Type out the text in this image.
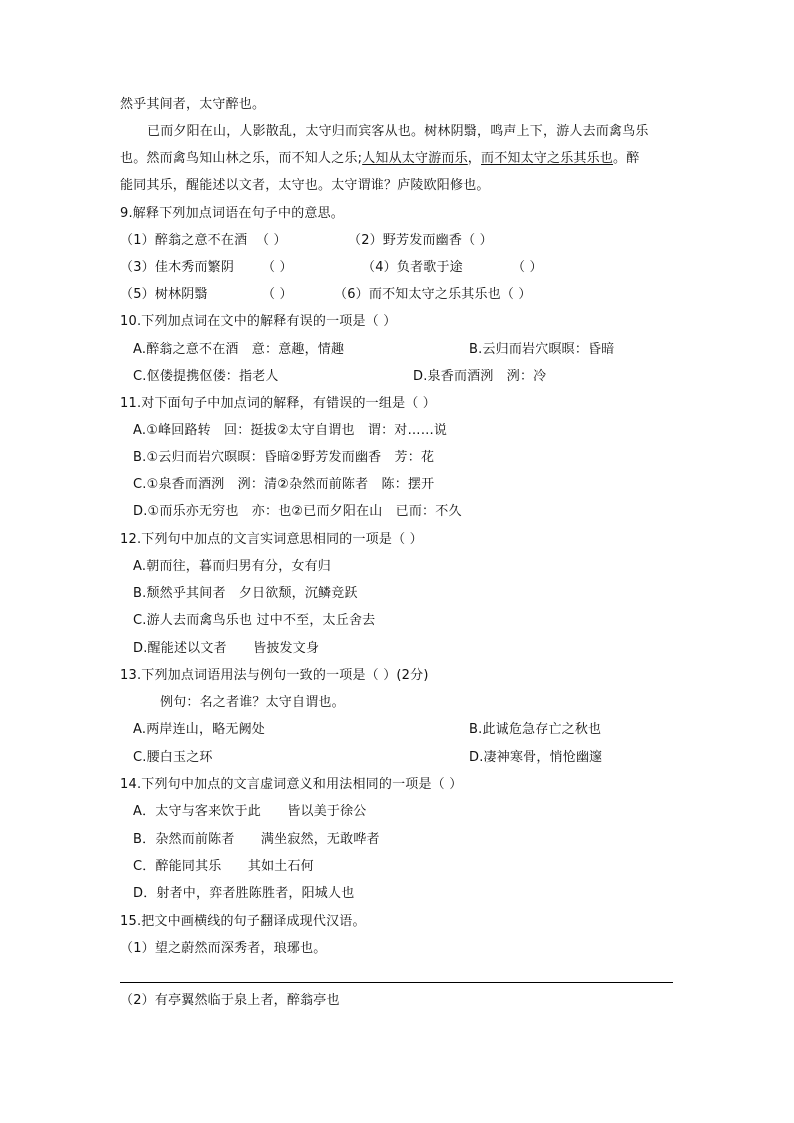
然乎其间者，太守醉也。
已而夕阳在山，人影散乱，太守归而宾客从也。树林阴翳，鸣声上下，游人去而禽鸟乐
也。然而禽鸟知山林之乐，而不知人之乐;人知从太守游而乐，而不知太守之乐其乐也。醉
能同其乐，醒能述以文者，太守也。太守谓谁？庐陵欧阳修也。
9.解释下列加点词语在句子中的意思。
（1）醉翁之意不在酒 （ ）	（2）野芳发而幽香（ ）
（3）佳木秀而繁阴 （ ）	（4）负者歌于途	（ ）
（5）树林阴翳	（ ）	（6）而不知太守之乐其乐也（ ）
10.下列加点词在文中的解释有误的一项是（ ）
A.醉翁之意不在酒　意：意趣，情趣	B.云归而岩穴暝暝：昏暗
C.伛偻提携伛偻：指老人	D.泉香而酒洌　洌：冷
11.对下面句子中加点词的解释，有错误的一组是（ ）
A.①峰回路转　回：挺拔②太守自谓也　谓：对……说
B.①云归而岩穴暝暝：昏暗②野芳发而幽香　芳：花
C.①泉香而酒洌　洌：清②杂然而前陈者　陈：摆开
D.①而乐亦无穷也　亦：也②已而夕阳在山　已而：不久
12.下列句中加点的文言实词意思相同的一项是（ ）
A.朝而往，暮而归男有分，女有归
B.颓然乎其间者　夕日欲颓，沉鳞竞跃
C.游人去而禽鸟乐也 过中不至，太丘舍去
D.醒能述以文者　　皆披发文身
13.下列加点词语用法与例句一致的一项是（ ）(2分)
例句：名之者谁？太守自谓也。
A.两岸连山，略无阙处	B.此诚危急存亡之秋也
C.腰白玉之环	D.凄神寒骨，悄怆幽邃
14.下列句中加点的文言虚词意义和用法相同的一项是（ ）
A．太守与客来饮于此　　皆以美于徐公
B．杂然而前陈者　　满坐寂然，无敢哗者
C．醉能同其乐　　其如土石何
D．射者中，弈者胜陈胜者，阳城人也
15.把文中画横线的句子翻译成现代汉语。
（1）望之蔚然而深秀者，琅琊也。
（2）有亭翼然临于泉上者，醉翁亭也
